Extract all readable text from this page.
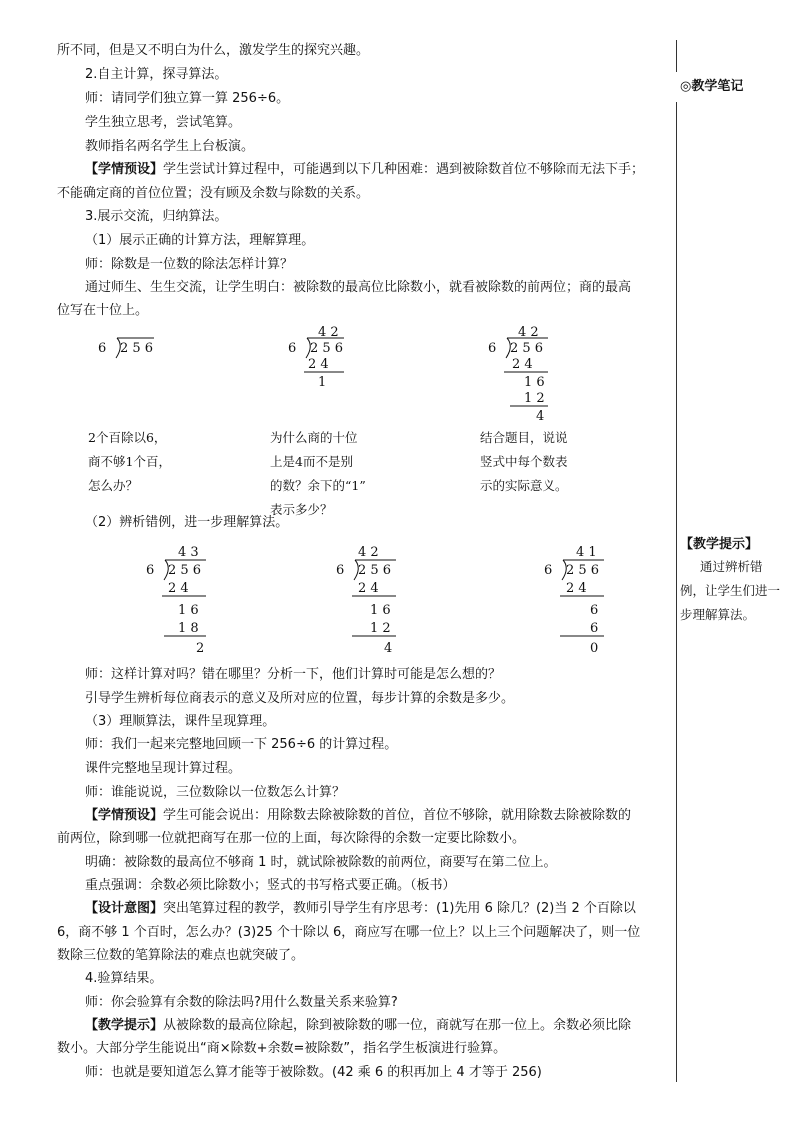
所不同，但是又不明白为什么，激发学生的探究兴趣。
2.自主计算，探寻算法。
师：请同学们独立算一算 256÷6。
学生独立思考，尝试笔算。
教师指名两名学生上台板演。
【学情预设】学生尝试计算过程中，可能遇到以下几种困难：遇到被除数首位不够除而无法下手；
不能确定商的首位位置；没有顾及余数与除数的关系。
3.展示交流，归纳算法。
（1）展示正确的计算方法，理解算理。
师：除数是一位数的除法怎样计算？
通过师生、生生交流，让学生明白：被除数的最高位比除数小，就看被除数的前两位；商的最高
位写在十位上。
6 2 5 6
4 2
6 2 5 6
2 4
1
4 2
6 2 5 6
2 4
1 6
1 2
4
2个百除以6，
商不够1个百，
怎么办？
为什么商的十位
上是4而不是别
的数？余下的“1”
表示多少？
结合题目，说说
竖式中每个数表
示的实际意义。
（2）辨析错例，进一步理解算法。
4 3
6 2 5 6
2 4
1 6
1 8
2
4 2
6 2 5 6
2 4
1 6
1 2
4
4 1
6 2 5 6
2 4
6
6
0
师：这样计算对吗？错在哪里？分析一下，他们计算时可能是怎么想的？
引导学生辨析每位商表示的意义及所对应的位置，每步计算的余数是多少。
（3）理顺算法，课件呈现算理。
师：我们一起来完整地回顾一下 256÷6 的计算过程。
课件完整地呈现计算过程。
师：谁能说说，三位数除以一位数怎么计算？
【学情预设】学生可能会说出：用除数去除被除数的首位，首位不够除，就用除数去除被除数的
前两位，除到哪一位就把商写在那一位的上面，每次除得的余数一定要比除数小。
明确：被除数的最高位不够商 1 时，就试除被除数的前两位，商要写在第二位上。
重点强调：余数必须比除数小；竖式的书写格式要正确。（板书）
【设计意图】突出笔算过程的教学，教师引导学生有序思考：(1)先用 6 除几？(2)当 2 个百除以
6，商不够 1 个百时，怎么办？(3)25 个十除以 6，商应写在哪一位上？以上三个问题解决了，则一位
数除三位数的笔算除法的难点也就突破了。
4.验算结果。
师：你会验算有余数的除法吗?用什么数量关系来验算?
【教学提示】从被除数的最高位除起，除到被除数的哪一位，商就写在那一位上。余数必须比除
数小。大部分学生能说出“商×除数+余数=被除数”，指名学生板演进行验算。
师：也就是要知道怎么算才能等于被除数。(42 乘 6 的积再加上 4 才等于 256)
◎教学笔记
【教学提示】
通过辨析错
例，让学生们进一
步理解算法。
